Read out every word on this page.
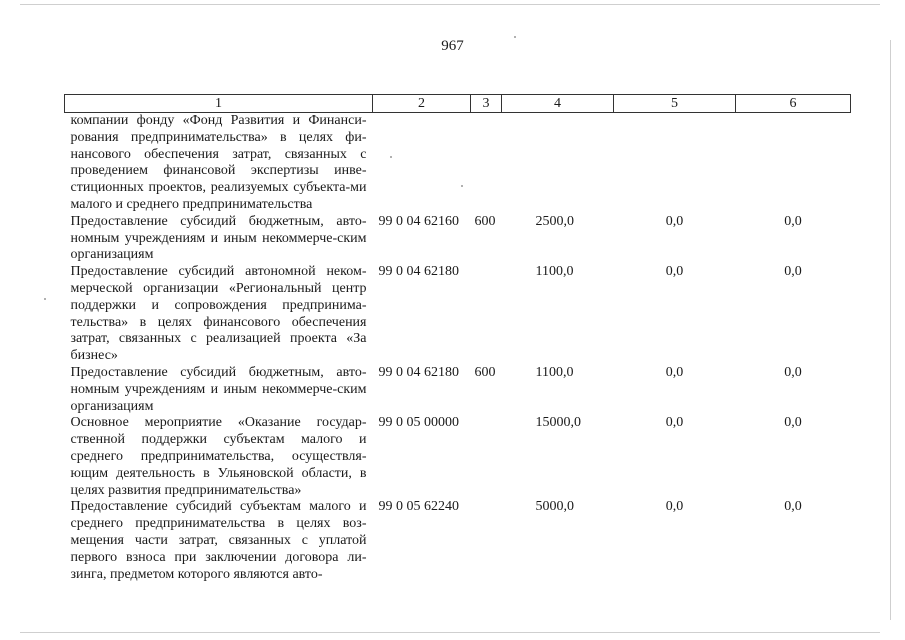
967
1	2	3	4	5	6
компании фонду «Фонд Развития и Финанси-рования предпринимательства» в целях фи-нансового обеспечения затрат, связанных с проведением финансовой экспертизы инве-стиционных проектов, реализуемых субъекта-ми малого и среднего предпринимательства					
Предоставление субсидий бюджетным, авто-номным учреждениям и иным некоммерче-ским организациям	99 0 04 62160	600	2500,0	0,0	0,0
Предоставление субсидий автономной неком-мерческой организации «Региональный центр поддержки и сопровождения предпринима-тельства» в целях финансового обеспечения затрат, связанных с реализацией проекта «За бизнес»	99 0 04 62180		1100,0	0,0	0,0
Предоставление субсидий бюджетным, авто-номным учреждениям и иным некоммерче-ским организациям	99 0 04 62180	600	1100,0	0,0	0,0
Основное мероприятие «Оказание государ-ственной поддержки субъектам малого и среднего предпринимательства, осуществля-ющим деятельность в Ульяновской области, в целях развития предпринимательства»	99 0 05 00000		15000,0	0,0	0,0
Предоставление субсидий субъектам малого и среднего предпринимательства в целях воз-мещения части затрат, связанных с уплатой первого взноса при заключении договора ли-зинга, предметом которого являются авто-	99 0 05 62240		5000,0	0,0	0,0
